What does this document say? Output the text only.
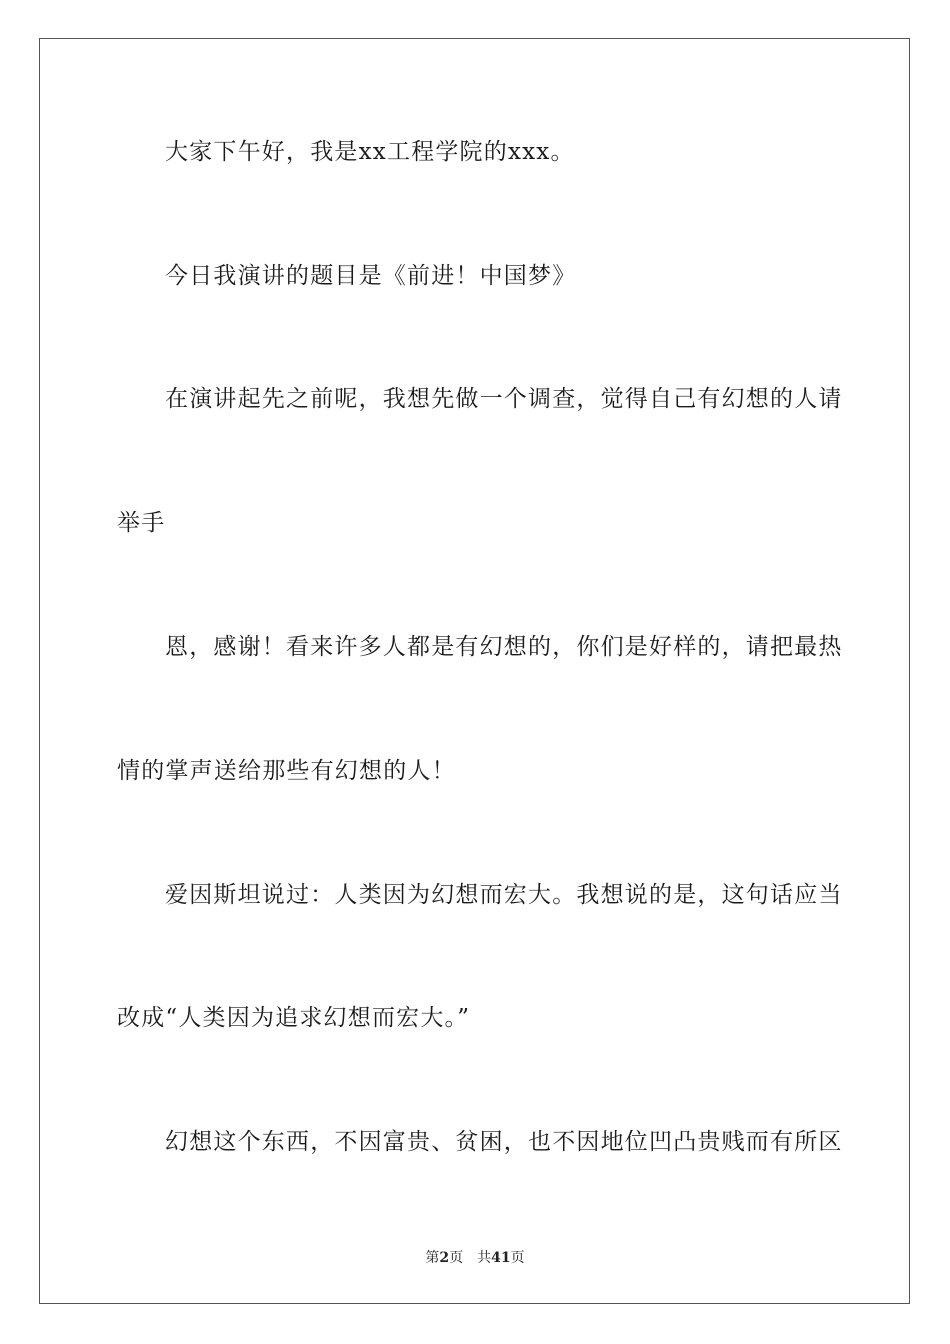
大家下午好，我是xx工程学院的xxx。
今日我演讲的题目是《前进！中国梦》
在演讲起先之前呢，我想先做一个调查，觉得自己有幻想的人请
举手
恩，感谢！看来许多人都是有幻想的，你们是好样的，请把最热
情的掌声送给那些有幻想的人！
爱因斯坦说过：人类因为幻想而宏大。我想说的是，这句话应当
改成“人类因为追求幻想而宏大。”
幻想这个东西，不因富贵、贫困，也不因地位凹凸贵贱而有所区
第2页 共41页
